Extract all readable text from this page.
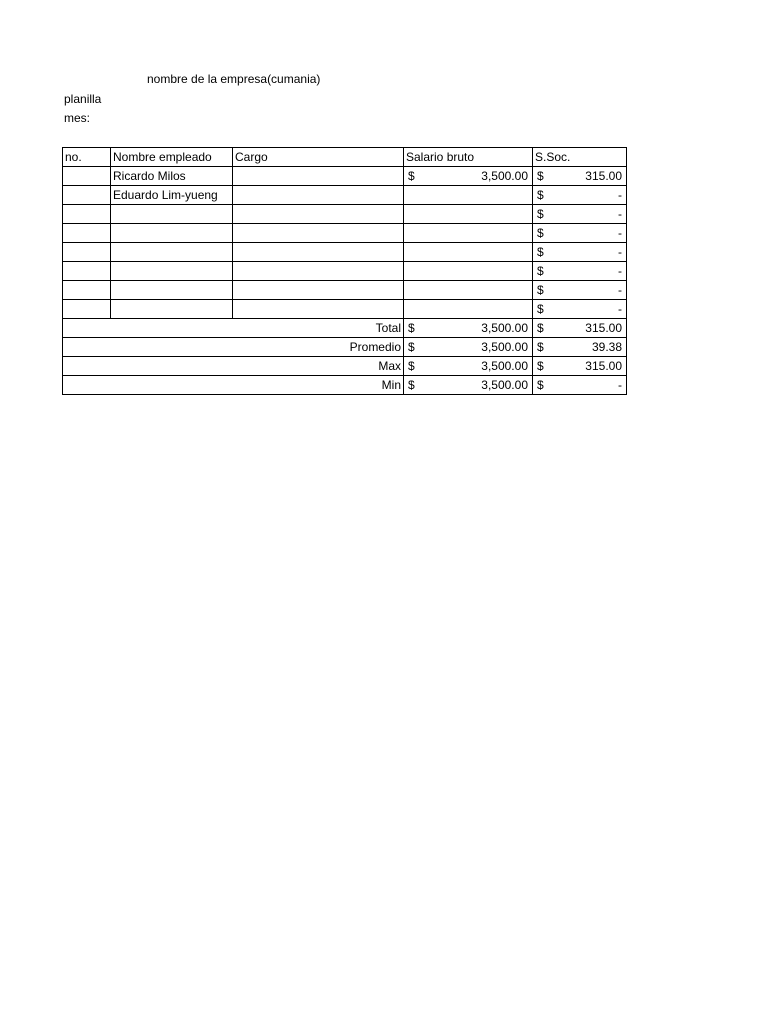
nombre de la empresa(cumania)
planilla
mes:
no.	Nombre empleado	Cargo	Salario bruto	S.Soc.
	Ricardo Milos		$ 3,500.00	$ 315.00

	Eduardo Lim-yueng			$ -

				$ -

				$ -

				$ -

				$ -

				$ -

				$ -

Total			$ 3,500.00	$ 315.00

Promedio			$ 3,500.00	$ 39.38

Max			$ 3,500.00	$ 315.00

Min			$ 3,500.00	$ -
